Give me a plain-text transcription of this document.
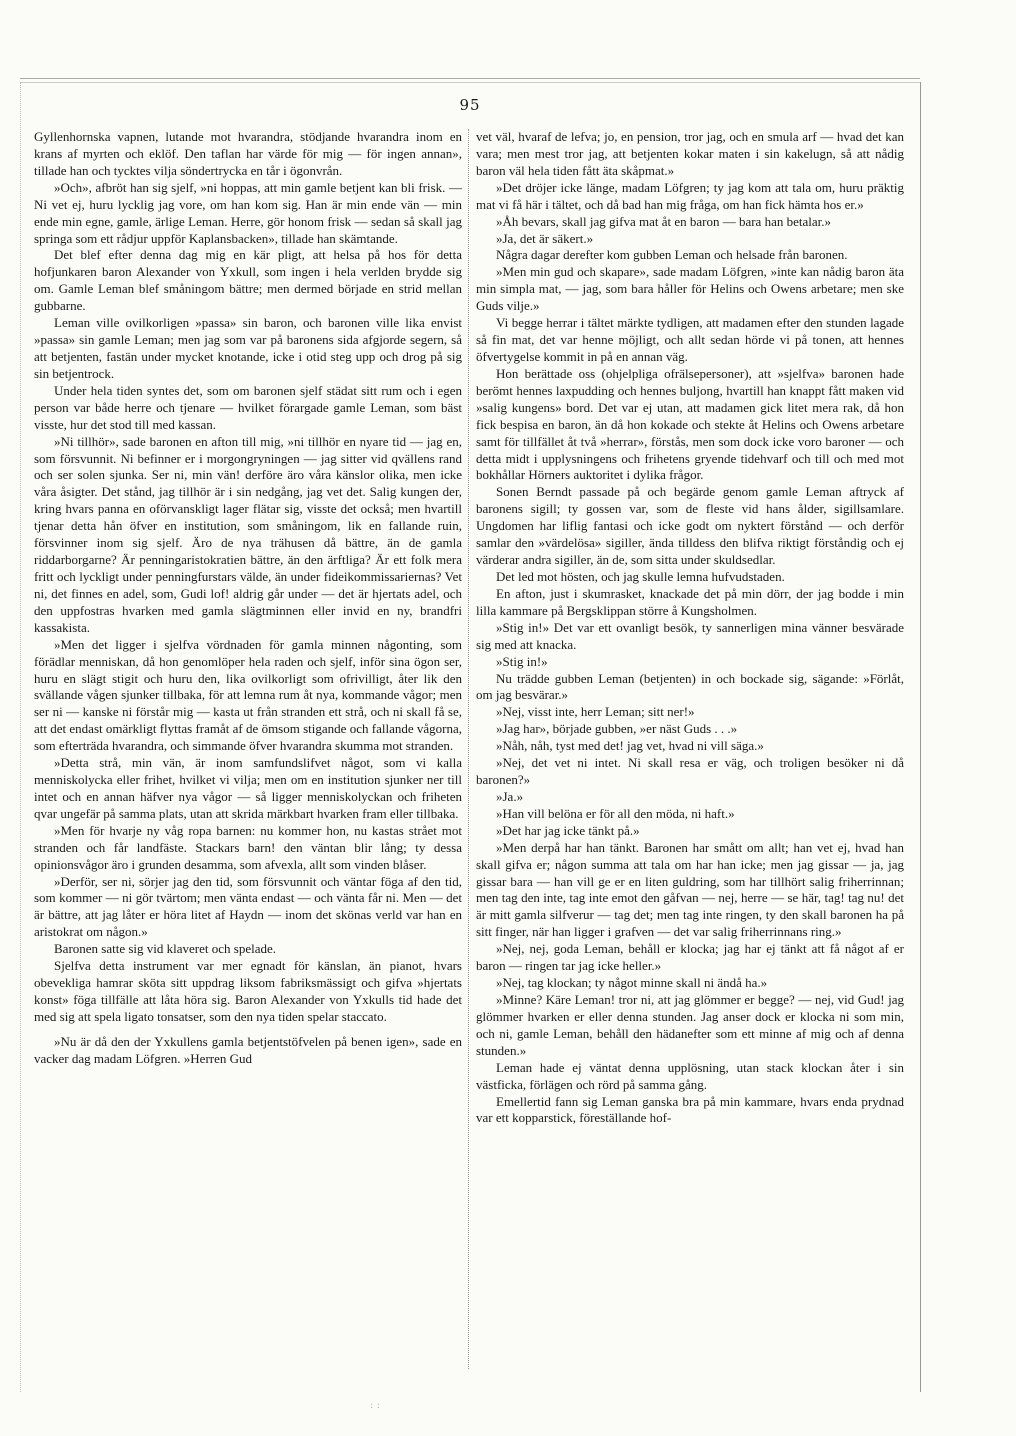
95

Gyllenhornska vapnen, lutande mot hvarandra, stödjande hvarandra inom en krans af myrten och eklöf. Den taflan har värde för mig — för ingen annan», tillade han och tycktes vilja söndertrycka en tår i ögonvrån.

»Och», afbröt han sig sjelf, »ni hoppas, att min gamle betjent kan bli frisk. — Ni vet ej, huru lycklig jag vore, om han kom sig. Han är min ende vän — min ende min egne, gamle, ärlige Leman. Herre, gör honom frisk — sedan så skall jag springa som ett rådjur uppför Kaplansbacken», tillade han skämtande.

Det blef efter denna dag mig en kär pligt, att helsa på hos för detta hofjunkaren baron Alexander von Yxkull, som ingen i hela verlden brydde sig om. Gamle Leman blef småningom bättre; men dermed började en strid mellan gubbarne.

Leman ville ovilkorligen »passa» sin baron, och baronen ville lika envist »passa» sin gamle Leman; men jag som var på baronens sida afgjorde segern, så att betjenten, fastän under mycket knotande, icke i otid steg upp och drog på sig sin betjentrock.

Under hela tiden syntes det, som om baronen sjelf städat sitt rum och i egen person var både herre och tjenare — hvilket förargade gamle Leman, som bäst visste, hur det stod till med kassan.

»Ni tillhör», sade baronen en afton till mig, »ni tillhör en nyare tid — jag en, som försvunnit. Ni befinner er i morgongryningen — jag sitter vid qvällens rand och ser solen sjunka. Ser ni, min vän! derföre äro våra känslor olika, men icke våra åsigter. Det stånd, jag tillhör är i sin nedgång, jag vet det. Salig kungen der, kring hvars panna en oförvanskligt lager flätar sig, visste det också; men hvartill tjenar detta hån öfver en institution, som småningom, lik en fallande ruin, försvinner inom sig sjelf. Äro de nya trähusen då bättre, än de gamla riddarborgarne? Är penningaristokratien bättre, än den ärftliga? Är ett folk mera fritt och lyckligt under penningfurstars välde, än under fideikommissariernas? Vet ni, det finnes en adel, som, Gudi lof! aldrig går under — det är hjertats adel, och den uppfostras hvarken med gamla slägtminnen eller invid en ny, brandfri kassakista.

»Men det ligger i sjelfva vördnaden för gamla minnen någonting, som förädlar menniskan, då hon genomlöper hela raden och sjelf, inför sina ögon ser, huru en slägt stigit och huru den, lika ovilkorligt som ofrivilligt, åter lik den svällande vågen sjunker tillbaka, för att lemna rum åt nya, kommande vågor; men ser ni — kanske ni förstår mig — kasta ut från stranden ett strå, och ni skall få se, att det endast omärkligt flyttas framåt af de ömsom stigande och fallande vågorna, som efterträda hvarandra, och simmande öfver hvarandra skumma mot stranden.

»Detta strå, min vän, är inom samfundslifvet något, som vi kalla menniskolycka eller frihet, hvilket vi vilja; men om en institution sjunker ner till intet och en annan häfver nya vågor — så ligger menniskolyckan och friheten qvar ungefär på samma plats, utan att skrida märkbart hvarken fram eller tillbaka.

»Men för hvarje ny våg ropa barnen: nu kommer hon, nu kastas strået mot stranden och får landfäste. Stackars barn! den väntan blir lång; ty dessa opinionsvågor äro i grunden desamma, som afvexla, allt som vinden blåser.

»Derför, ser ni, sörjer jag den tid, som försvunnit och väntar föga af den tid, som kommer — ni gör tvärtom; men vänta endast — och vänta får ni. Men — det är bättre, att jag låter er höra litet af Haydn — inom det skönas verld var han en aristokrat om någon.»

Baronen satte sig vid klaveret och spelade.

Sjelfva detta instrument var mer egnadt för känslan, än pianot, hvars obevekliga hamrar sköta sitt uppdrag liksom fabriksmässigt och gifva »hjertats konst» föga tillfälle att låta höra sig. Baron Alexander von Yxkulls tid hade det med sig att spela ligato tonsatser, som den nya tiden spelar staccato.

»Nu är då den der Yxkullens gamla betjentstöfvelen på benen igen», sade en vacker dag madam Löfgren. »Herren Gud

vet väl, hvaraf de lefva; jo, en pension, tror jag, och en smula arf — hvad det kan vara; men mest tror jag, att betjenten kokar maten i sin kakelugn, så att nådig baron väl hela tiden fått äta skåpmat.»

»Det dröjer icke länge, madam Löfgren; ty jag kom att tala om, huru präktig mat vi få här i tältet, och då bad han mig fråga, om han fick hämta hos er.»

»Åh bevars, skall jag gifva mat åt en baron — bara han betalar.»

»Ja, det är säkert.»

Några dagar derefter kom gubben Leman och helsade från baronen.

»Men min gud och skapare», sade madam Löfgren, »inte kan nådig baron äta min simpla mat, — jag, som bara håller för Helins och Owens arbetare; men ske Guds vilje.»

Vi begge herrar i tältet märkte tydligen, att madamen efter den stunden lagade så fin mat, det var henne möjligt, och allt sedan hörde vi på tonen, att hennes öfvertygelse kommit in på en annan väg.

Hon berättade oss (ohjelpliga ofrälsepersoner), att »sjelfva» baronen hade berömt hennes laxpudding och hennes buljong, hvartill han knappt fått maken vid »salig kungens» bord. Det var ej utan, att madamen gick litet mera rak, då hon fick bespisa en baron, än då hon kokade och stekte åt Helins och Owens arbetare samt för tillfället åt två »herrar», förstås, men som dock icke voro baroner — och detta midt i upplysningens och frihetens gryende tidehvarf och till och med mot bokhållar Hörners auktoritet i dylika frågor.

Sonen Berndt passade på och begärde genom gamle Leman aftryck af baronens sigill; ty gossen var, som de fleste vid hans ålder, sigillsamlare. Ungdomen har liflig fantasi och icke godt om nyktert förstånd — och derför samlar den »värdelösa» sigiller, ända tilldess den blifva riktigt förståndig och ej värderar andra sigiller, än de, som sitta under skuldsedlar.

Det led mot hösten, och jag skulle lemna hufvudstaden.

En afton, just i skumrasket, knackade det på min dörr, der jag bodde i min lilla kammare på Bergsklippan större å Kungsholmen.

»Stig in!» Det var ett ovanligt besök, ty sannerligen mina vänner besvärade sig med att knacka.

»Stig in!»

Nu trädde gubben Leman (betjenten) in och bockade sig, sägande: »Förlåt, om jag besvärar.»

»Nej, visst inte, herr Leman; sitt ner!»

»Jag har», började gubben, »er näst Guds . . .»

»Nåh, nåh, tyst med det! jag vet, hvad ni vill säga.»

»Nej, det vet ni intet. Ni skall resa er väg, och troligen besöker ni då baronen?»

»Ja.»

»Han vill belöna er för all den möda, ni haft.»

»Det har jag icke tänkt på.»

»Men derpå har han tänkt. Baronen har smått om allt; han vet ej, hvad han skall gifva er; någon summa att tala om har han icke; men jag gissar — ja, jag gissar bara — han vill ge er en liten guldring, som har tillhört salig friherrinnan; men tag den inte, tag inte emot den gåfvan — nej, herre — se här, tag! tag nu! det är mitt gamla silfverur — tag det; men tag inte ringen, ty den skall baronen ha på sitt finger, när han ligger i grafven — det var salig friherrinnans ring.»

»Nej, nej, goda Leman, behåll er klocka; jag har ej tänkt att få något af er baron — ringen tar jag icke heller.»

»Nej, tag klockan; ty något minne skall ni ändå ha.»

»Minne? Käre Leman! tror ni, att jag glömmer er begge? — nej, vid Gud! jag glömmer hvarken er eller denna stunden. Jag anser dock er klocka ni som min, och ni, gamle Leman, behåll den hädanefter som ett minne af mig och af denna stunden.»

Leman hade ej väntat denna upplösning, utan stack klockan åter i sin västficka, förlägen och rörd på samma gång.

Emellertid fann sig Leman ganska bra på min kammare, hvars enda prydnad var ett kopparstick, föreställande hof-

: :
